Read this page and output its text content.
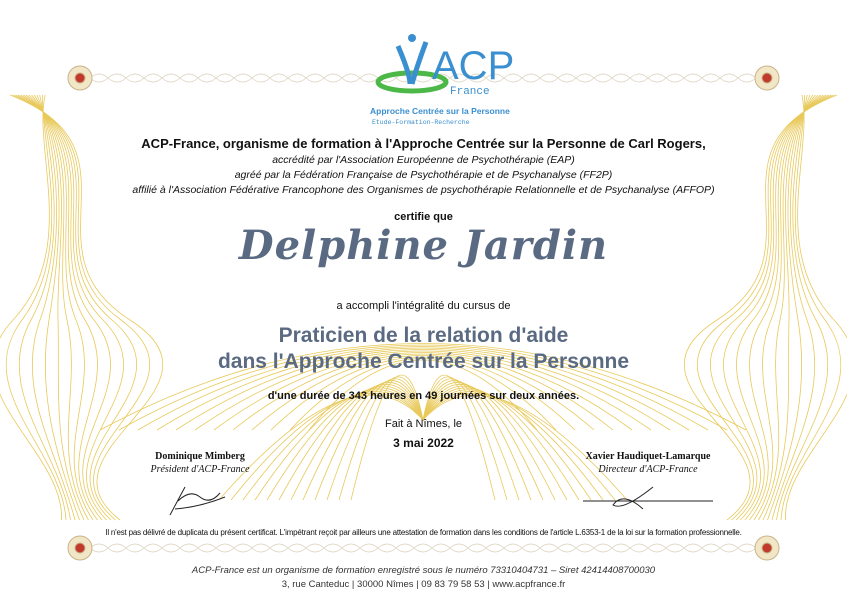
ACP
France
Approche Centrée sur la Personne
Etude-Formation-Recherche
ACP-France, organisme de formation à l'Approche Centrée sur la Personne de Carl Rogers,
accrédité par l'Association Européenne de Psychothérapie (EAP)
agréé par la Fédération Française de Psychothérapie et de Psychanalyse (FF2P)
affilié à l'Association Fédérative Francophone des Organismes de psychothérapie Relationnelle et de Psychanalyse (AFFOP)
certifie que
Delphine Jardin
a accompli l'intégralité du cursus de
Praticien de la relation d'aide
dans l'Approche Centrée sur la Personne
d'une durée de 343 heures en 49 journées sur deux années.
Fait à Nîmes, le
3 mai 2022
Dominique Mimberg
Président d'ACP-France
Xavier Haudiquet-Lamarque
Directeur d'ACP-France
Il n'est pas délivré de duplicata du présent certificat. L'impétrant reçoit par ailleurs une attestation de formation dans les conditions de l'article L.6353-1 de la loi sur la formation professionnelle.
ACP-France est un organisme de formation enregistré sous le numéro 73310404731 – Siret 42414408700030
3, rue Canteduc | 30000 Nîmes | 09 83 79 58 53 | www.acpfrance.fr
